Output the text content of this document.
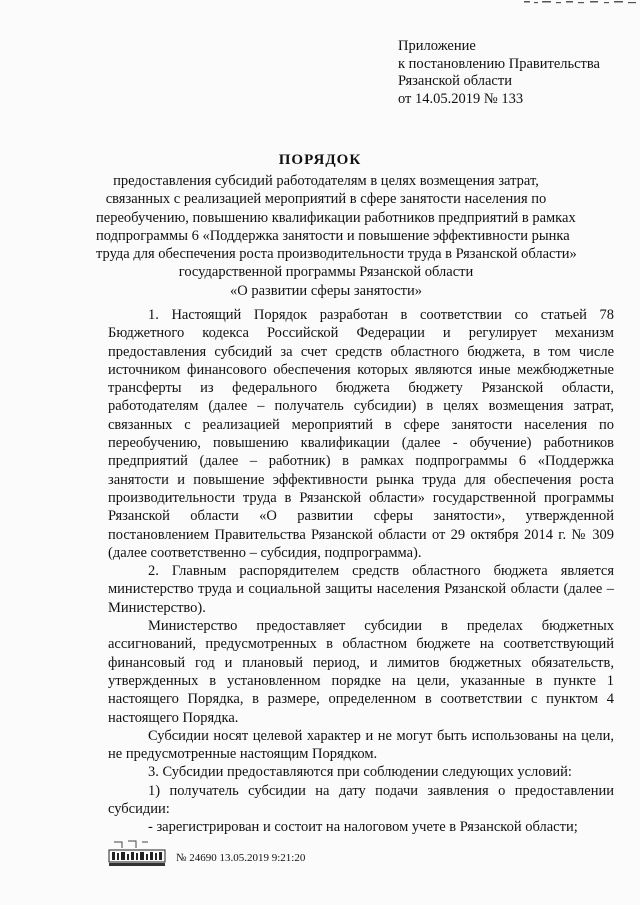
Приложение
к постановлению Правительства
Рязанской области
от 14.05.2019 № 133
ПОРЯДОК
предоставления субсидий работодателям в целях возмещения затрат,
связанных с реализацией мероприятий в сфере занятости населения по
переобучению, повышению квалификации работников предприятий в рамках
подпрограммы 6 «Поддержка занятости и повышение эффективности рынка
труда для обеспечения роста производительности труда в Рязанской области»
государственной программы Рязанской области
«О развитии сферы занятости»

1. Настоящий Порядок разработан в соответствии со статьей 78 Бюджетного кодекса Российской Федерации и регулирует механизм предоставления субсидий за счет средств областного бюджета, в том числе источником финансового обеспечения которых являются иные межбюджетные трансферты из федерального бюджета бюджету Рязанской области, работодателям (далее – получатель субсидии) в целях возмещения затрат, связанных с реализацией мероприятий в сфере занятости населения по переобучению, повышению квалификации (далее - обучение) работников предприятий (далее – работник) в рамках подпрограммы 6 «Поддержка занятости и повышение эффективности рынка труда для обеспечения роста производительности труда в Рязанской области» государственной программы Рязанской области «О развитии сферы занятости», утвержденной постановлением Правительства Рязанской области от 29 октября 2014 г. № 309 (далее соответственно – субсидия, подпрограмма).

2. Главным распорядителем средств областного бюджета является министерство труда и социальной защиты населения Рязанской области (далее – Министерство).

Министерство предоставляет субсидии в пределах бюджетных ассигнований, предусмотренных в областном бюджете на соответствующий финансовый год и плановый период, и лимитов бюджетных обязательств, утвержденных в установленном порядке на цели, указанные в пункте 1 настоящего Порядка, в размере, определенном в соответствии с пунктом 4 настоящего Порядка.

Субсидии носят целевой характер и не могут быть использованы на цели, не предусмотренные настоящим Порядком.

3. Субсидии предоставляются при соблюдении следующих условий:

1) получатель субсидии на дату подачи заявления о предоставлении субсидии:

- зарегистрирован и состоит на налоговом учете в Рязанской области;

№ 24690 13.05.2019 9:21:20
